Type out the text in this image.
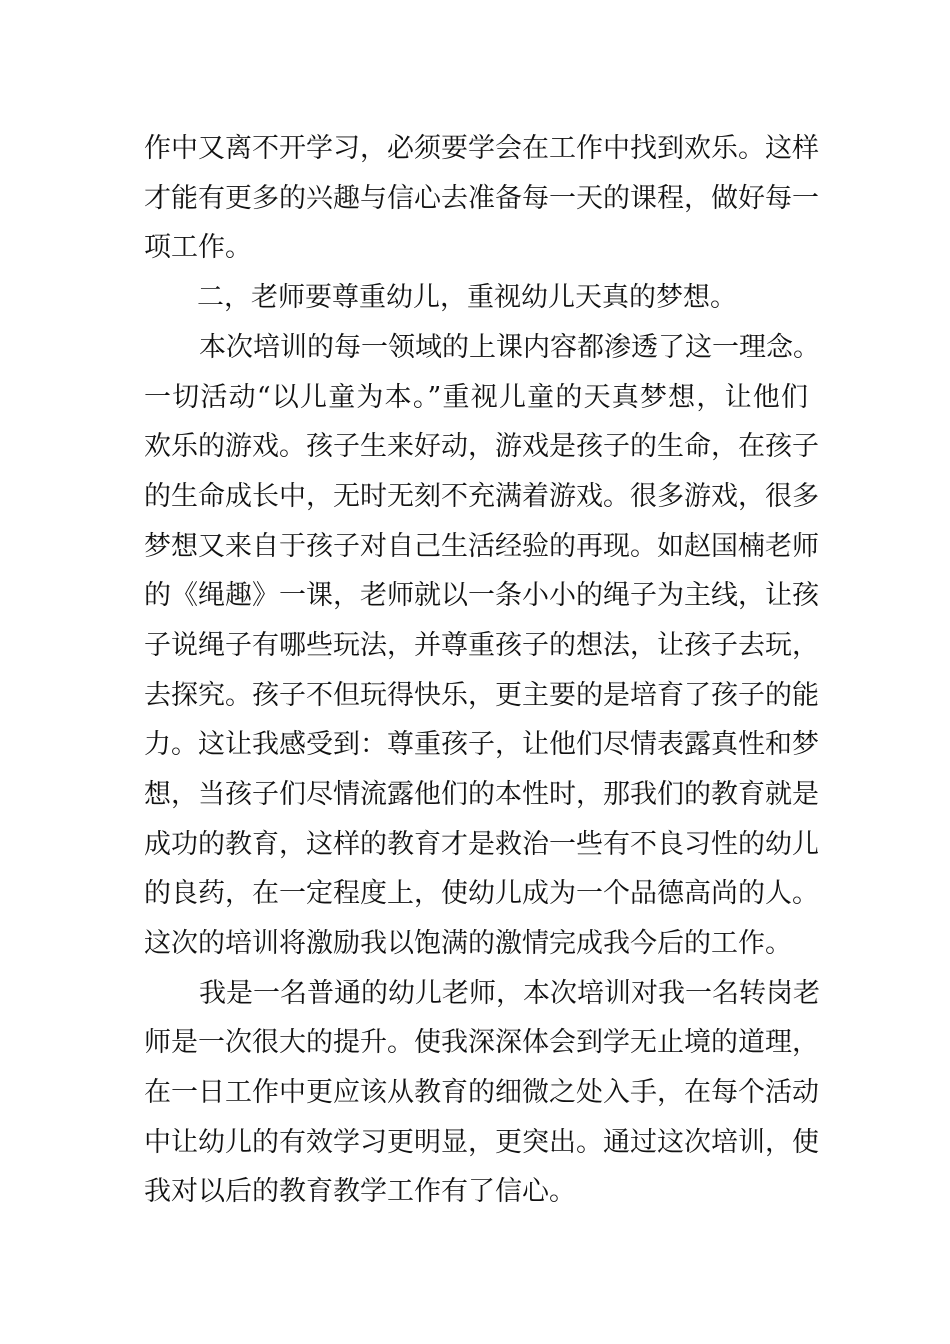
作中又离不开学习，必须要学会在工作中找到欢乐。这样
才能有更多的兴趣与信心去准备每一天的课程，做好每一
项工作。
二，老师要尊重幼儿，重视幼儿天真的梦想。
本次培训的每一领域的上课内容都渗透了这一理念。
一切活动“以儿童为本。”重视儿童的天真梦想，让他们
欢乐的游戏。孩子生来好动，游戏是孩子的生命，在孩子
的生命成长中，无时无刻不充满着游戏。很多游戏，很多
梦想又来自于孩子对自己生活经验的再现。如赵国楠老师
的《绳趣》一课，老师就以一条小小的绳子为主线，让孩
子说绳子有哪些玩法，并尊重孩子的想法，让孩子去玩，
去探究。孩子不但玩得快乐，更主要的是培育了孩子的能
力。这让我感受到：尊重孩子，让他们尽情表露真性和梦
想，当孩子们尽情流露他们的本性时，那我们的教育就是
成功的教育，这样的教育才是救治一些有不良习性的幼儿
的良药，在一定程度上，使幼儿成为一个品德高尚的人。
这次的培训将激励我以饱满的激情完成我今后的工作。
我是一名普通的幼儿老师，本次培训对我一名转岗老
师是一次很大的提升。使我深深体会到学无止境的道理，
在一日工作中更应该从教育的细微之处入手，在每个活动
中让幼儿的有效学习更明显，更突出。通过这次培训，使
我对以后的教育教学工作有了信心。
